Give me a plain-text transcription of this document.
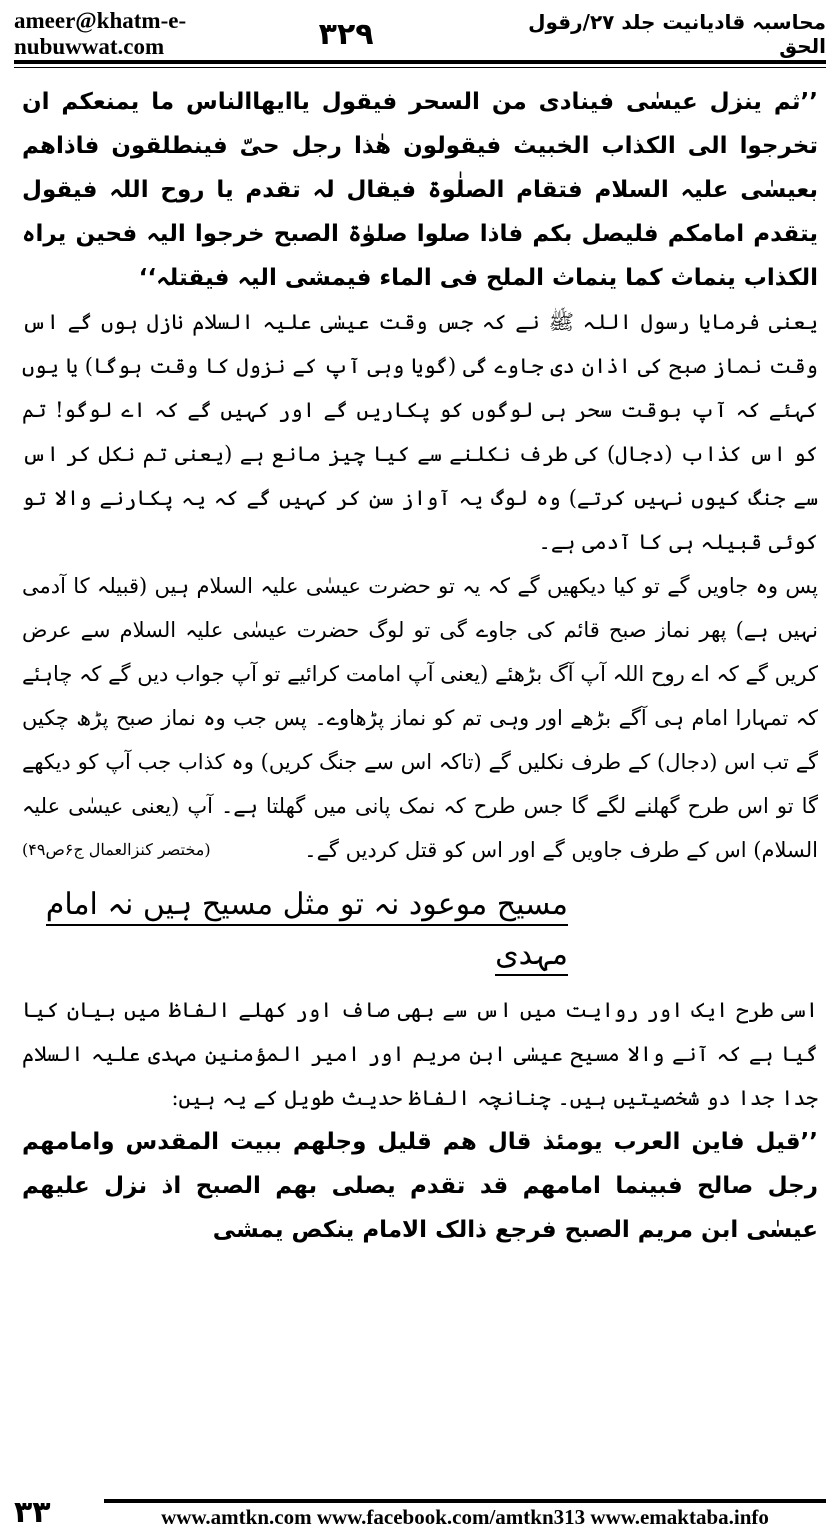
ameer@khatm-e-nubuwwat.com	۳۲۹	محاسبہ قادیانیت جلد ۲۷/رقول الحق

’’ثم ینزل عیسٰی فینادی من السحر فیقول یاایھاالناس ما یمنعکم ان تخرجوا الی الکذاب الخبیث فیقولون ھٰذا رجل حیّ فینطلقون فاذاھم بعیسٰی علیہ السلام فتقام الصلٰوۃ فیقال لہ تقدم یا روح اللہ فیقول یتقدم امامکم فلیصل بکم فاذا صلوا صلوٰۃ الصبح خرجوا الیہ فحین یراہ الکذاب ینماث کما ینماث الملح فی الماء فیمشی الیہ فیقتلہ‘‘

یعنی فرمایا رسول اللہ ﷺ نے کہ جس وقت عیسٰی علیہ السلام نازل ہوں گے اس وقت نماز صبح کی اذان دی جاوے گی (گویا وہی آپ کے نزول کا وقت ہوگا) یا یوں کہئے کہ آپ بوقت سحر ہی لوگوں کو پکاریں گے اور کہیں گے کہ اے لوگو! تم کو اس کذاب (دجال) کی طرف نکلنے سے کیا چیز مانع ہے (یعنی تم نکل کر اس سے جنگ کیوں نہیں کرتے) وہ لوگ یہ آواز سن کر کہیں گے کہ یہ پکارنے والا تو کوئی قبیلہ ہی کا آدمی ہے۔

پس وہ جاویں گے تو کیا دیکھیں گے کہ یہ تو حضرت عیسٰی علیہ السلام ہیں (قبیلہ کا آدمی نہیں ہے) پھر نماز صبح قائم کی جاوے گی تو لوگ حضرت عیسٰی علیہ السلام سے عرض کریں گے کہ اے روح اللہ آپ آگ بڑھئے (یعنی آپ امامت کرائیے تو آپ جواب دیں گے کہ چاہئے کہ تمہارا امام ہی آگے بڑھے اور وہی تم کو نماز پڑھاوے۔ پس جب وہ نماز صبح پڑھ چکیں گے تب اس (دجال) کے طرف نکلیں گے (تاکہ اس سے جنگ کریں) وہ کذاب جب آپ کو دیکھے گا تو اس طرح گھلنے لگے گا جس طرح کہ نمک پانی میں گھلتا ہے۔ آپ (یعنی عیسٰی علیہ السلام) اس کے طرف جاویں گے اور اس کو قتل کردیں گے۔
(مختصر کنزالعمال ج۶ص۴۹)

مسیح موعود نہ تو مثل مسیح ہیں نہ امام مہدی

اسی طرح ایک اور روایت میں اس سے بھی صاف اور کھلے الفاظ میں بیان کیا گیا ہے کہ آنے والا مسیح عیسٰی ابن مریم اور امیر المؤمنین مہدی علیہ السلام جدا جدا دو شخصیتیں ہیں۔ چنانچہ الفاظ حدیث طویل کے یہ ہیں:

’’قیل فاین العرب یومئذ قال ھم قلیل وجلھم ببیت المقدس وامامھم رجل صالح فبینما امامھم قد تقدم یصلی بھم الصبح اذ نزل علیھم عیسٰی ابن مریم الصبح فرجع ذالک الامام ینکص یمشی

۳۳	www.amtkn.com www.facebook.com/amtkn313 www.emaktaba.info
